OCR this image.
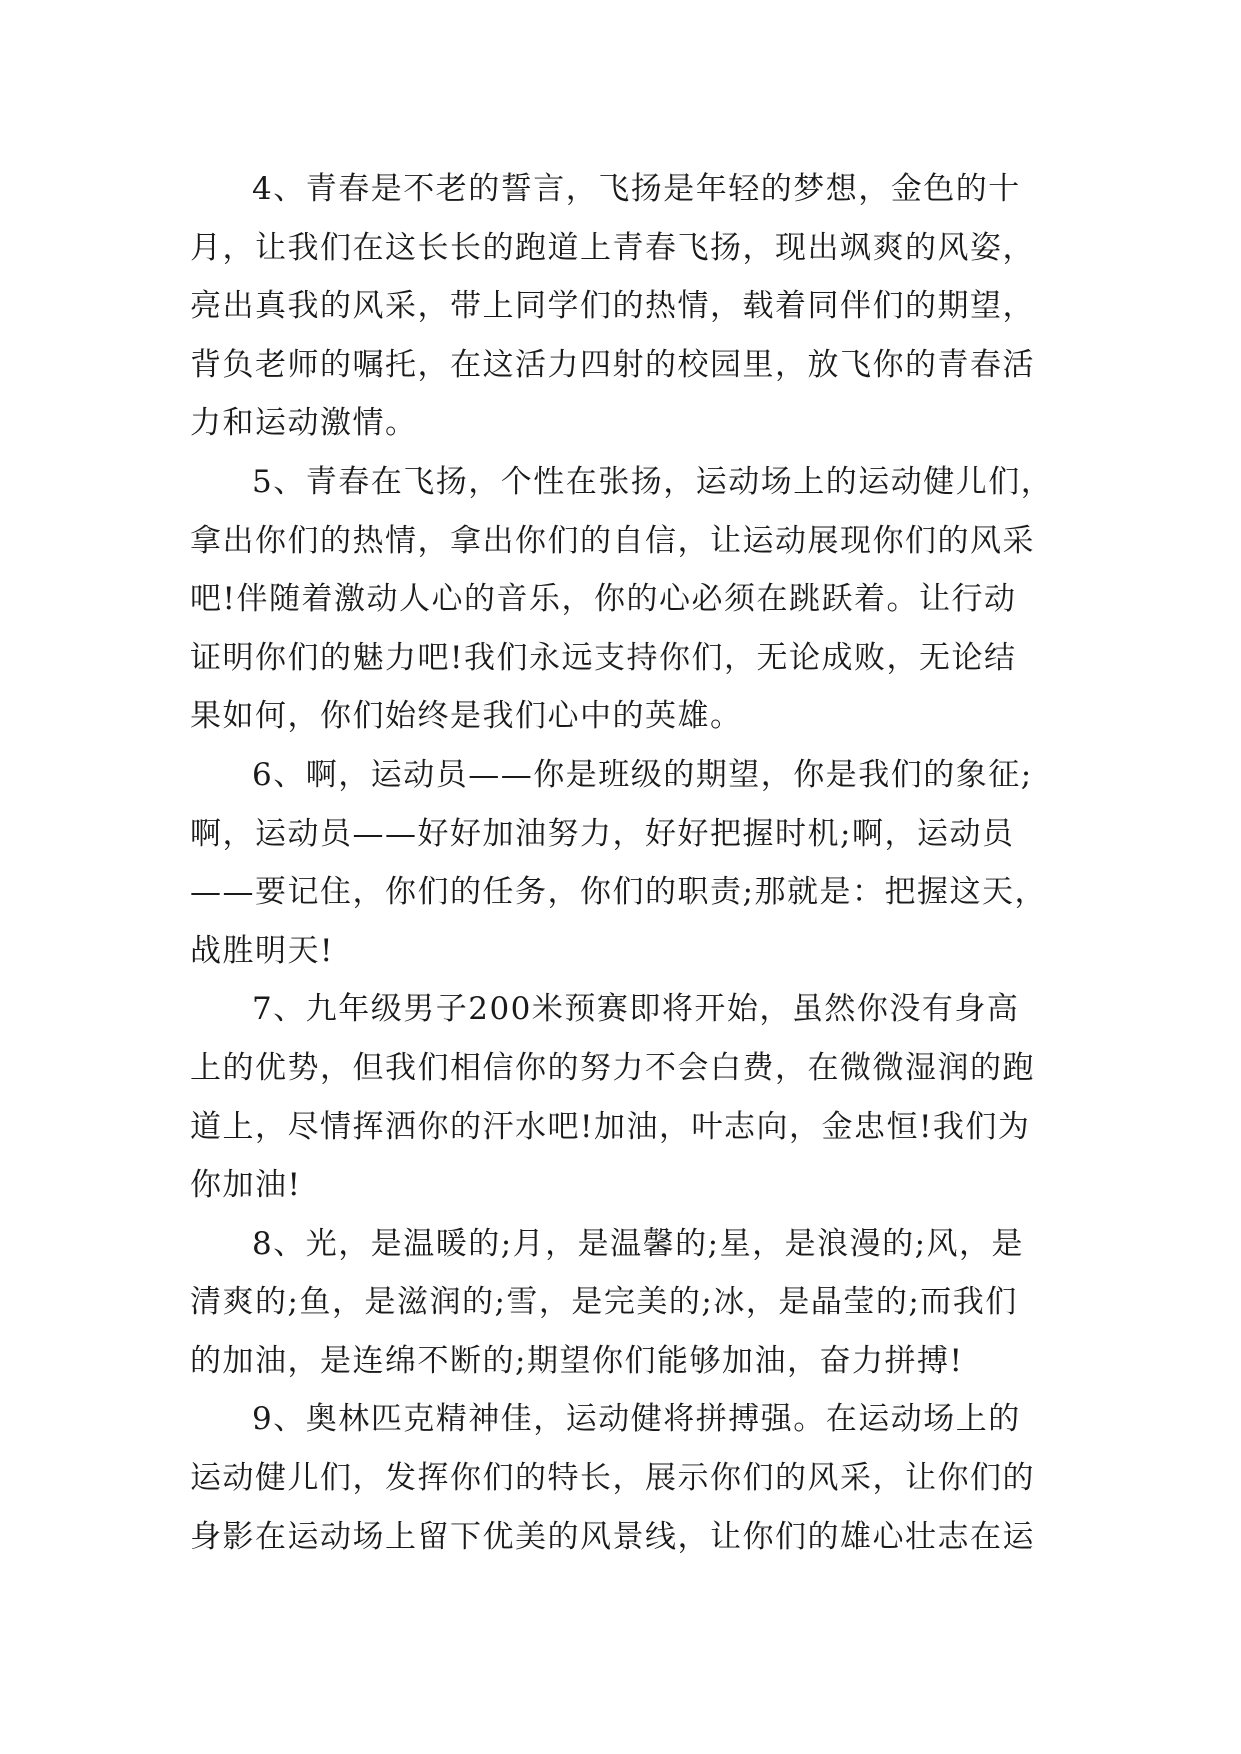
4、青春是不老的誓言，飞扬是年轻的梦想，金色的十
月，让我们在这长长的跑道上青春飞扬，现出飒爽的风姿，
亮出真我的风采，带上同学们的热情，载着同伴们的期望，
背负老师的嘱托，在这活力四射的校园里，放飞你的青春活
力和运动激情。

5、青春在飞扬，个性在张扬，运动场上的运动健儿们，
拿出你们的热情，拿出你们的自信，让运动展现你们的风采
吧!伴随着激动人心的音乐，你的心必须在跳跃着。让行动
证明你们的魅力吧!我们永远支持你们，无论成败，无论结
果如何，你们始终是我们心中的英雄。

6、啊，运动员——你是班级的期望，你是我们的象征;
啊，运动员——好好加油努力，好好把握时机;啊，运动员
——要记住，你们的任务，你们的职责;那就是：把握这天，
战胜明天!

7、九年级男子200米预赛即将开始，虽然你没有身高
上的优势，但我们相信你的努力不会白费，在微微湿润的跑
道上，尽情挥洒你的汗水吧!加油，叶志向，金忠恒!我们为
你加油!

8、光，是温暖的;月，是温馨的;星，是浪漫的;风，是
清爽的;鱼，是滋润的;雪，是完美的;冰，是晶莹的;而我们
的加油，是连绵不断的;期望你们能够加油，奋力拼搏!

9、奥林匹克精神佳，运动健将拼搏强。在运动场上的
运动健儿们，发挥你们的特长，展示你们的风采，让你们的
身影在运动场上留下优美的风景线，让你们的雄心壮志在运
